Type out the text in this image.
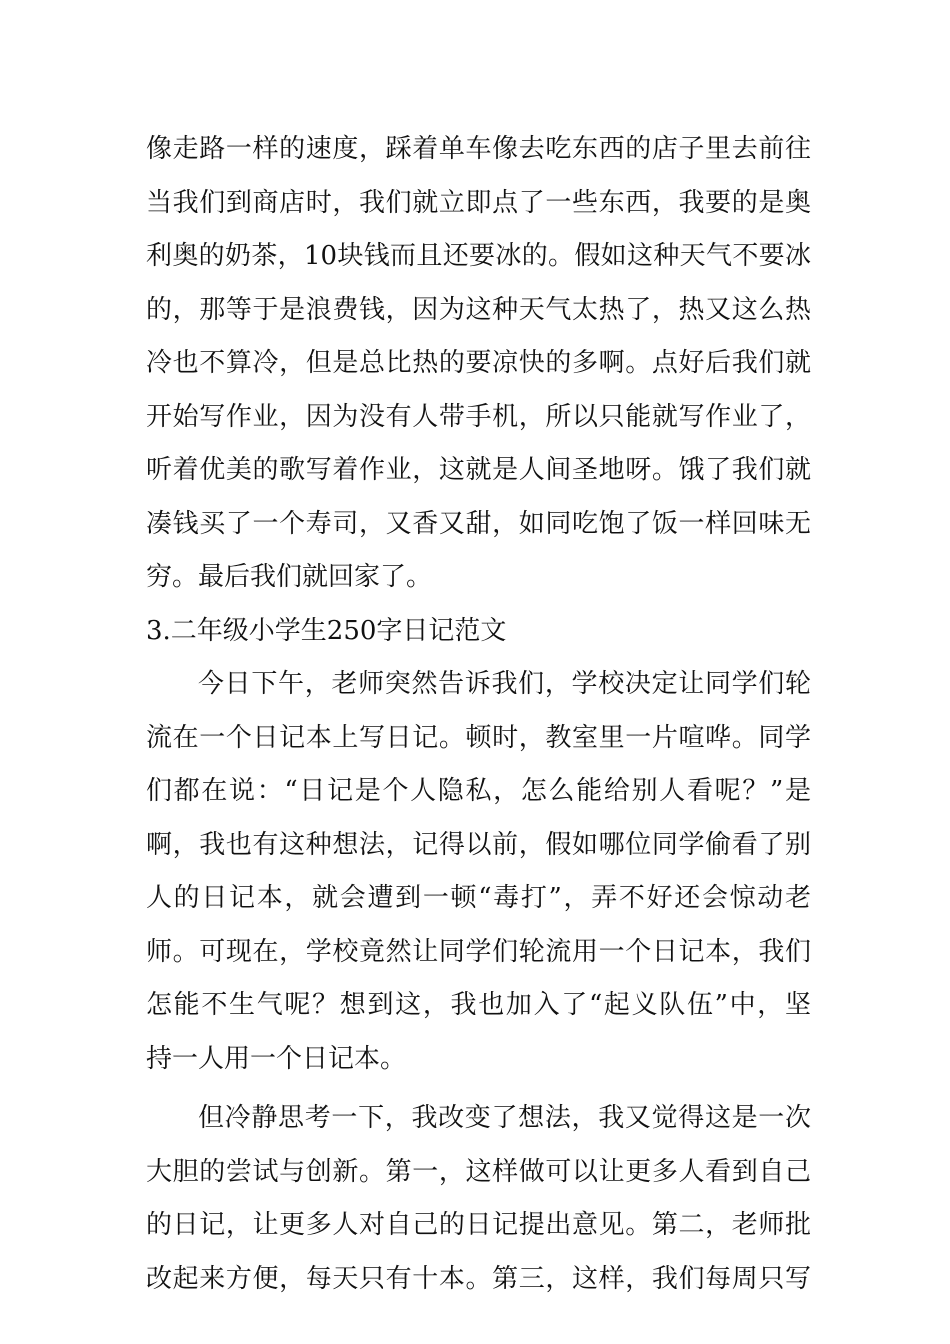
像走路一样的速度，踩着单车像去吃东西的店子里去前往
当我们到商店时，我们就立即点了一些东西，我要的是奥
利奥的奶茶，10块钱而且还要冰的。假如这种天气不要冰
的，那等于是浪费钱，因为这种天气太热了，热又这么热
冷也不算冷，但是总比热的要凉快的多啊。点好后我们就
开始写作业，因为没有人带手机，所以只能就写作业了，
听着优美的歌写着作业，这就是人间圣地呀。饿了我们就
凑钱买了一个寿司，又香又甜，如同吃饱了饭一样回味无
穷。最后我们就回家了。
3.二年级小学生250字日记范文
今日下午，老师突然告诉我们，学校决定让同学们轮
流在一个日记本上写日记。顿时，教室里一片喧哗。同学
们都在说：“日记是个人隐私，怎么能给别人看呢？”是
啊，我也有这种想法，记得以前，假如哪位同学偷看了别
人的日记本，就会遭到一顿“毒打”，弄不好还会惊动老
师。可现在，学校竟然让同学们轮流用一个日记本，我们
怎能不生气呢？想到这，我也加入了“起义队伍”中，坚
持一人用一个日记本。
但冷静思考一下，我改变了想法，我又觉得这是一次
大胆的尝试与创新。第一，这样做可以让更多人看到自己
的日记，让更多人对自己的日记提出意见。第二，老师批
改起来方便，每天只有十本。第三，这样，我们每周只写
